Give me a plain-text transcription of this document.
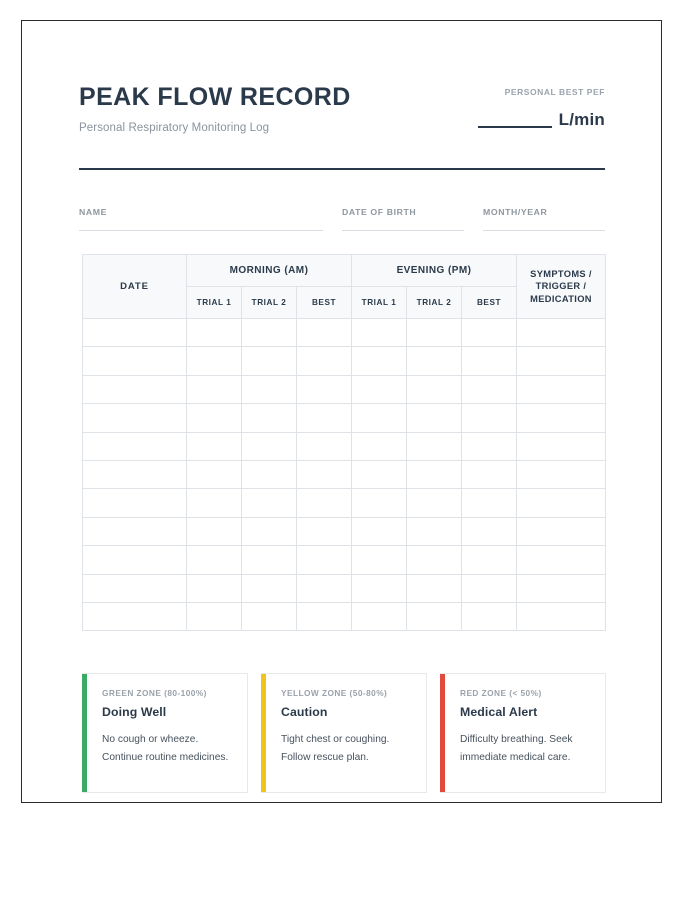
PEAK FLOW RECORD
Personal Respiratory Monitoring Log
PERSONAL BEST PEF
L/min
NAME	DATE OF BIRTH	MONTH/YEAR
DATE	MORNING (AM)			EVENING (PM)			SYMPTOMS / TRIGGER / MEDICATION
	TRIAL 1	TRIAL 2	BEST	TRIAL 1	TRIAL 2	BEST	

GREEN ZONE (80-100%)
Doing Well
No cough or wheeze. Continue routine medicines.
YELLOW ZONE (50-80%)
Caution
Tight chest or coughing. Follow rescue plan.
RED ZONE (< 50%)
Medical Alert
Difficulty breathing. Seek immediate medical care.
